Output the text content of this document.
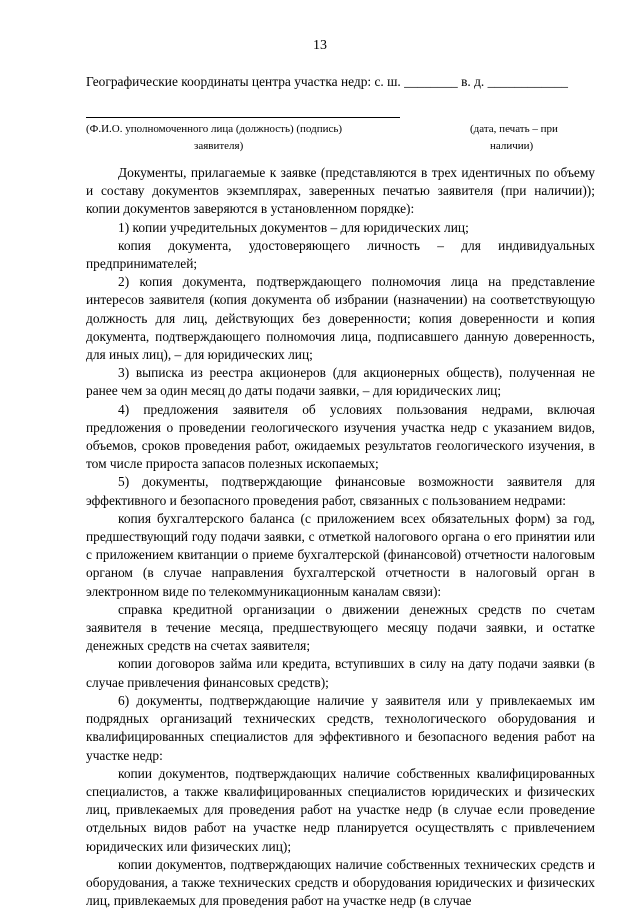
13
Географические координаты центра участка недр: с. ш. ________ в. д. ____________
(Ф.И.О. уполномоченного лица (должность) (подпись)
заявителя)
(дата, печать – при
наличии)

Документы, прилагаемые к заявке (представляются в трех идентичных по объему и составу документов экземплярах, заверенных печатью заявителя (при наличии)); копии документов заверяются в установленном порядке):

1) копии учредительных документов – для юридических лиц;

копия документа, удостоверяющего личность – для индивидуальных предпринимателей;

2) копия документа, подтверждающего полномочия лица на представление интересов заявителя (копия документа об избрании (назначении) на соответствующую должность для лиц, действующих без доверенности; копия доверенности и копия документа, подтверждающего полномочия лица, подписавшего данную доверенность, для иных лиц), – для юридических лиц;

3) выписка из реестра акционеров (для акционерных обществ), полученная не ранее чем за один месяц до даты подачи заявки, – для юридических лиц;

4) предложения заявителя об условиях пользования недрами, включая предложения о проведении геологического изучения участка недр с указанием видов, объемов, сроков проведения работ, ожидаемых результатов геологического изучения, в том числе прироста запасов полезных ископаемых;

5) документы, подтверждающие финансовые возможности заявителя для эффективного и безопасного проведения работ, связанных с пользованием недрами:

копия бухгалтерского баланса (с приложением всех обязательных форм) за год, предшествующий году подачи заявки, с отметкой налогового органа о его принятии или с приложением квитанции о приеме бухгалтерской (финансовой) отчетности налоговым органом (в случае направления бухгалтерской отчетности в налоговый орган в электронном виде по телекоммуникационным каналам связи):

справка кредитной организации о движении денежных средств по счетам заявителя в течение месяца, предшествующего месяцу подачи заявки, и остатке денежных средств на счетах заявителя;

копии договоров займа или кредита, вступивших в силу на дату подачи заявки (в случае привлечения финансовых средств);

6) документы, подтверждающие наличие у заявителя или у привлекаемых им подрядных организаций технических средств, технологического оборудования и квалифицированных специалистов для эффективного и безопасного ведения работ на участке недр:

копии документов, подтверждающих наличие собственных квалифицированных специалистов, а также квалифицированных специалистов юридических и физических лиц, привлекаемых для проведения работ на участке недр (в случае если проведение отдельных видов работ на участке недр планируется осуществлять с привлечением юридических или физических лиц);

копии документов, подтверждающих наличие собственных технических средств и оборудования, а также технических средств и оборудования юридических и физических лиц, привлекаемых для проведения работ на участке недр (в случае
